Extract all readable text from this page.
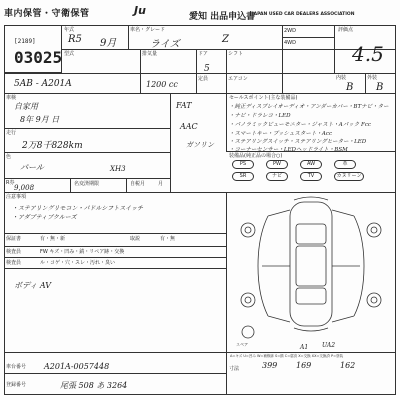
車内保管・守衛保管	Ju	愛知 出品申込書
JAPAN USED CAR DEALERS ASSOCIATION
[2189]
03025
年式
R5 9月
車名・グレード
ライズ	Z
2WD
4WD
評価点
4.5
型式
5AB - A201A
排気量
1200 cc
ドア
5
定員
シフト
エアコン	内装
B
外装
B
車検
自家用
8年 9月 日
走行
2万8千828km
色
パール	XH3
R券
9,008	名変済期限	自税月	月
FAT
ガソリン
AAC
セールスポイント(主な装備品)
・純正ディスプレイオーディオ・アンダーカバー・BTナビ・ター
・ナビ・ドラレコ・LED
・パノラミックビューモニター・ジャスト・Aパック Fcc
・スマートキー・プッシュスタート・Acc
・ステアリングスイッチ・ステアリングヒーター・LED
・コーナーセンサー・LEDヘッドライト・BSM
装備品(純正品の場合○)
PS	PW	AW	革
SR	ナビ	TV	カヌリーン
注意事項
・ステアリングリモコン・パドルシフトスイッチ
・アダプティブクルーズ
保証書	有・無・新	取説	有・無
検査員	FW キズ・凹み・錆・リペア跡・交換
検査員	ル・コゲ・穴・スレ・汚れ・臭い
ボディ AV
スペア	A1 UA2
A=キズ U=凹み W=補修跡 S=錆 C=腐食 X=交換 XX=交換済 P=塗装
車台番号 A201A-0057448
登録番号	尾張 508 あ 3264
寸法	399 169	162
